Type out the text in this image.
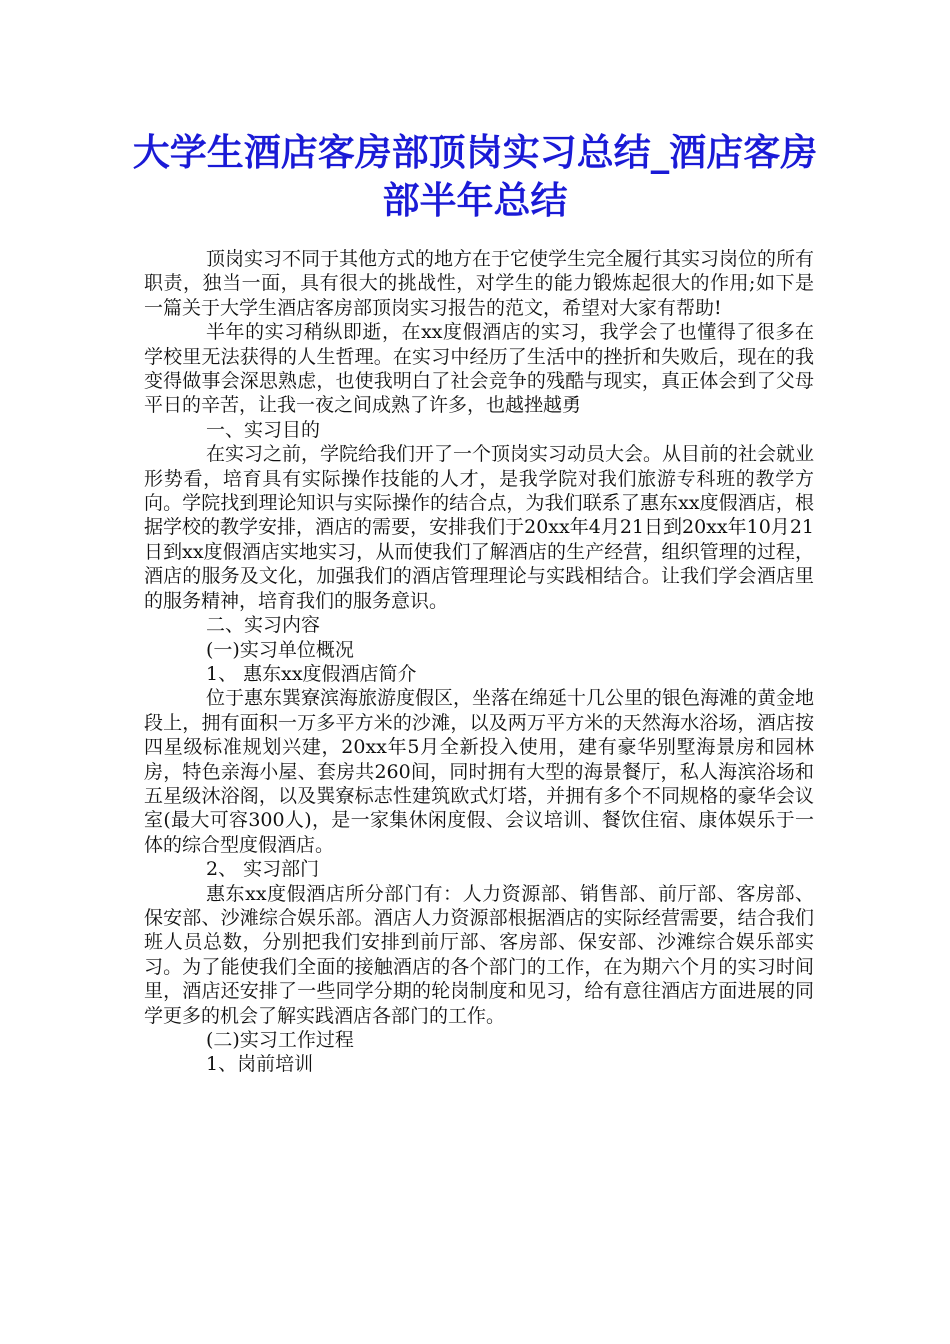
大学生酒店客房部顶岗实习总结_酒店客房部半年总结

顶岗实习不同于其他方式的地方在于它使学生完全履行其实习岗位的所有职责，独当一面，具有很大的挑战性，对学生的能力锻炼起很大的作用;如下是一篇关于大学生酒店客房部顶岗实习报告的范文，希望对大家有帮助!

半年的实习稍纵即逝，在xx度假酒店的实习，我学会了也懂得了很多在学校里无法获得的人生哲理。在实习中经历了生活中的挫折和失败后，现在的我变得做事会深思熟虑，也使我明白了社会竞争的残酷与现实，真正体会到了父母平日的辛苦，让我一夜之间成熟了许多，也越挫越勇

一、实习目的

在实习之前，学院给我们开了一个顶岗实习动员大会。从目前的社会就业形势看，培育具有实际操作技能的人才，是我学院对我们旅游专科班的教学方向。学院找到理论知识与实际操作的结合点，为我们联系了惠东xx度假酒店，根据学校的教学安排，酒店的需要，安排我们于20xx年4月21日到20xx年10月21日到xx度假酒店实地实习，从而使我们了解酒店的生产经营，组织管理的过程，酒店的服务及文化，加强我们的酒店管理理论与实践相结合。让我们学会酒店里的服务精神，培育我们的服务意识。

二、实习内容

(一)实习单位概况

1、 惠东xx度假酒店简介

位于惠东巽寮滨海旅游度假区，坐落在绵延十几公里的银色海滩的黄金地段上，拥有面积一万多平方米的沙滩，以及两万平方米的天然海水浴场，酒店按四星级标准规划兴建，20xx年5月全新投入使用，建有豪华别墅海景房和园林房，特色亲海小屋、套房共260间，同时拥有大型的海景餐厅，私人海滨浴场和五星级沐浴阁，以及巽寮标志性建筑欧式灯塔，并拥有多个不同规格的豪华会议室(最大可容300人)，是一家集休闲度假、会议培训、餐饮住宿、康体娱乐于一体的综合型度假酒店。

2、 实习部门

惠东xx度假酒店所分部门有：人力资源部、销售部、前厅部、客房部、保安部、沙滩综合娱乐部。酒店人力资源部根据酒店的实际经营需要，结合我们班人员总数，分别把我们安排到前厅部、客房部、保安部、沙滩综合娱乐部实习。为了能使我们全面的接触酒店的各个部门的工作，在为期六个月的实习时间里，酒店还安排了一些同学分期的轮岗制度和见习，给有意往酒店方面进展的同学更多的机会了解实践酒店各部门的工作。

(二)实习工作过程

1、岗前培训
